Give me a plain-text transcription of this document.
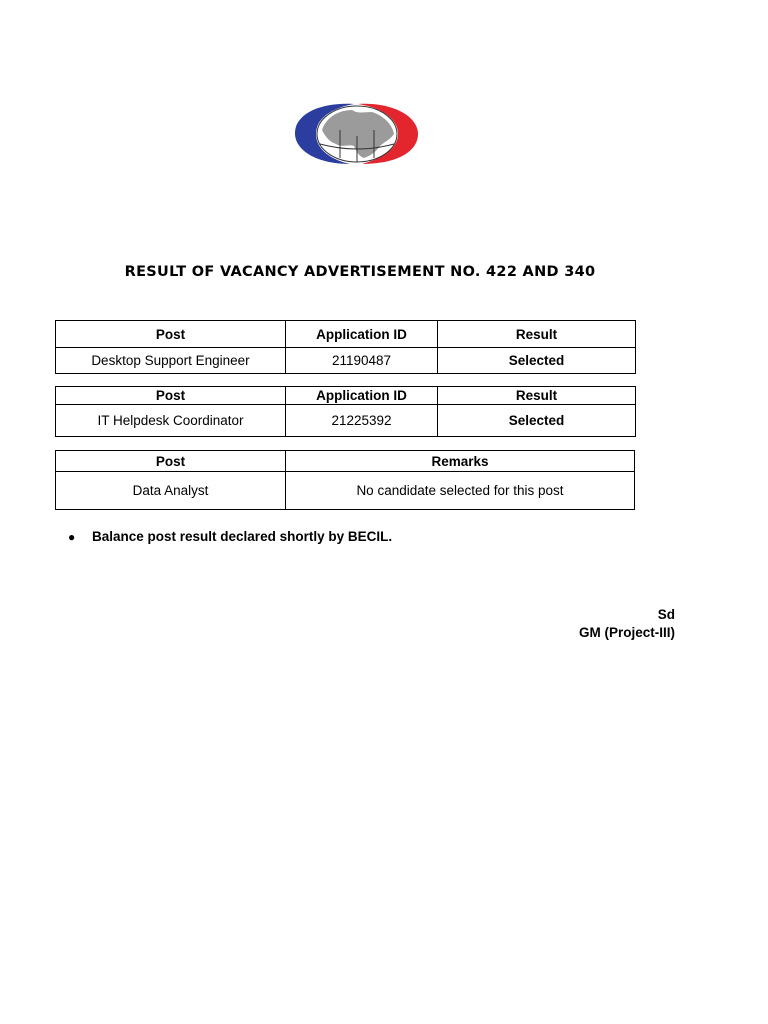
RESULT OF VACANCY ADVERTISEMENT NO. 422 AND 340
Post	Application ID	Result
Desktop Support Engineer	21190487	Selected
Post	Application ID	Result
IT Helpdesk Coordinator	21225392	Selected
Post	Remarks
Data Analyst	No candidate selected for this post
● Balance post result declared shortly by BECIL.
Sd
GM (Project-III)
